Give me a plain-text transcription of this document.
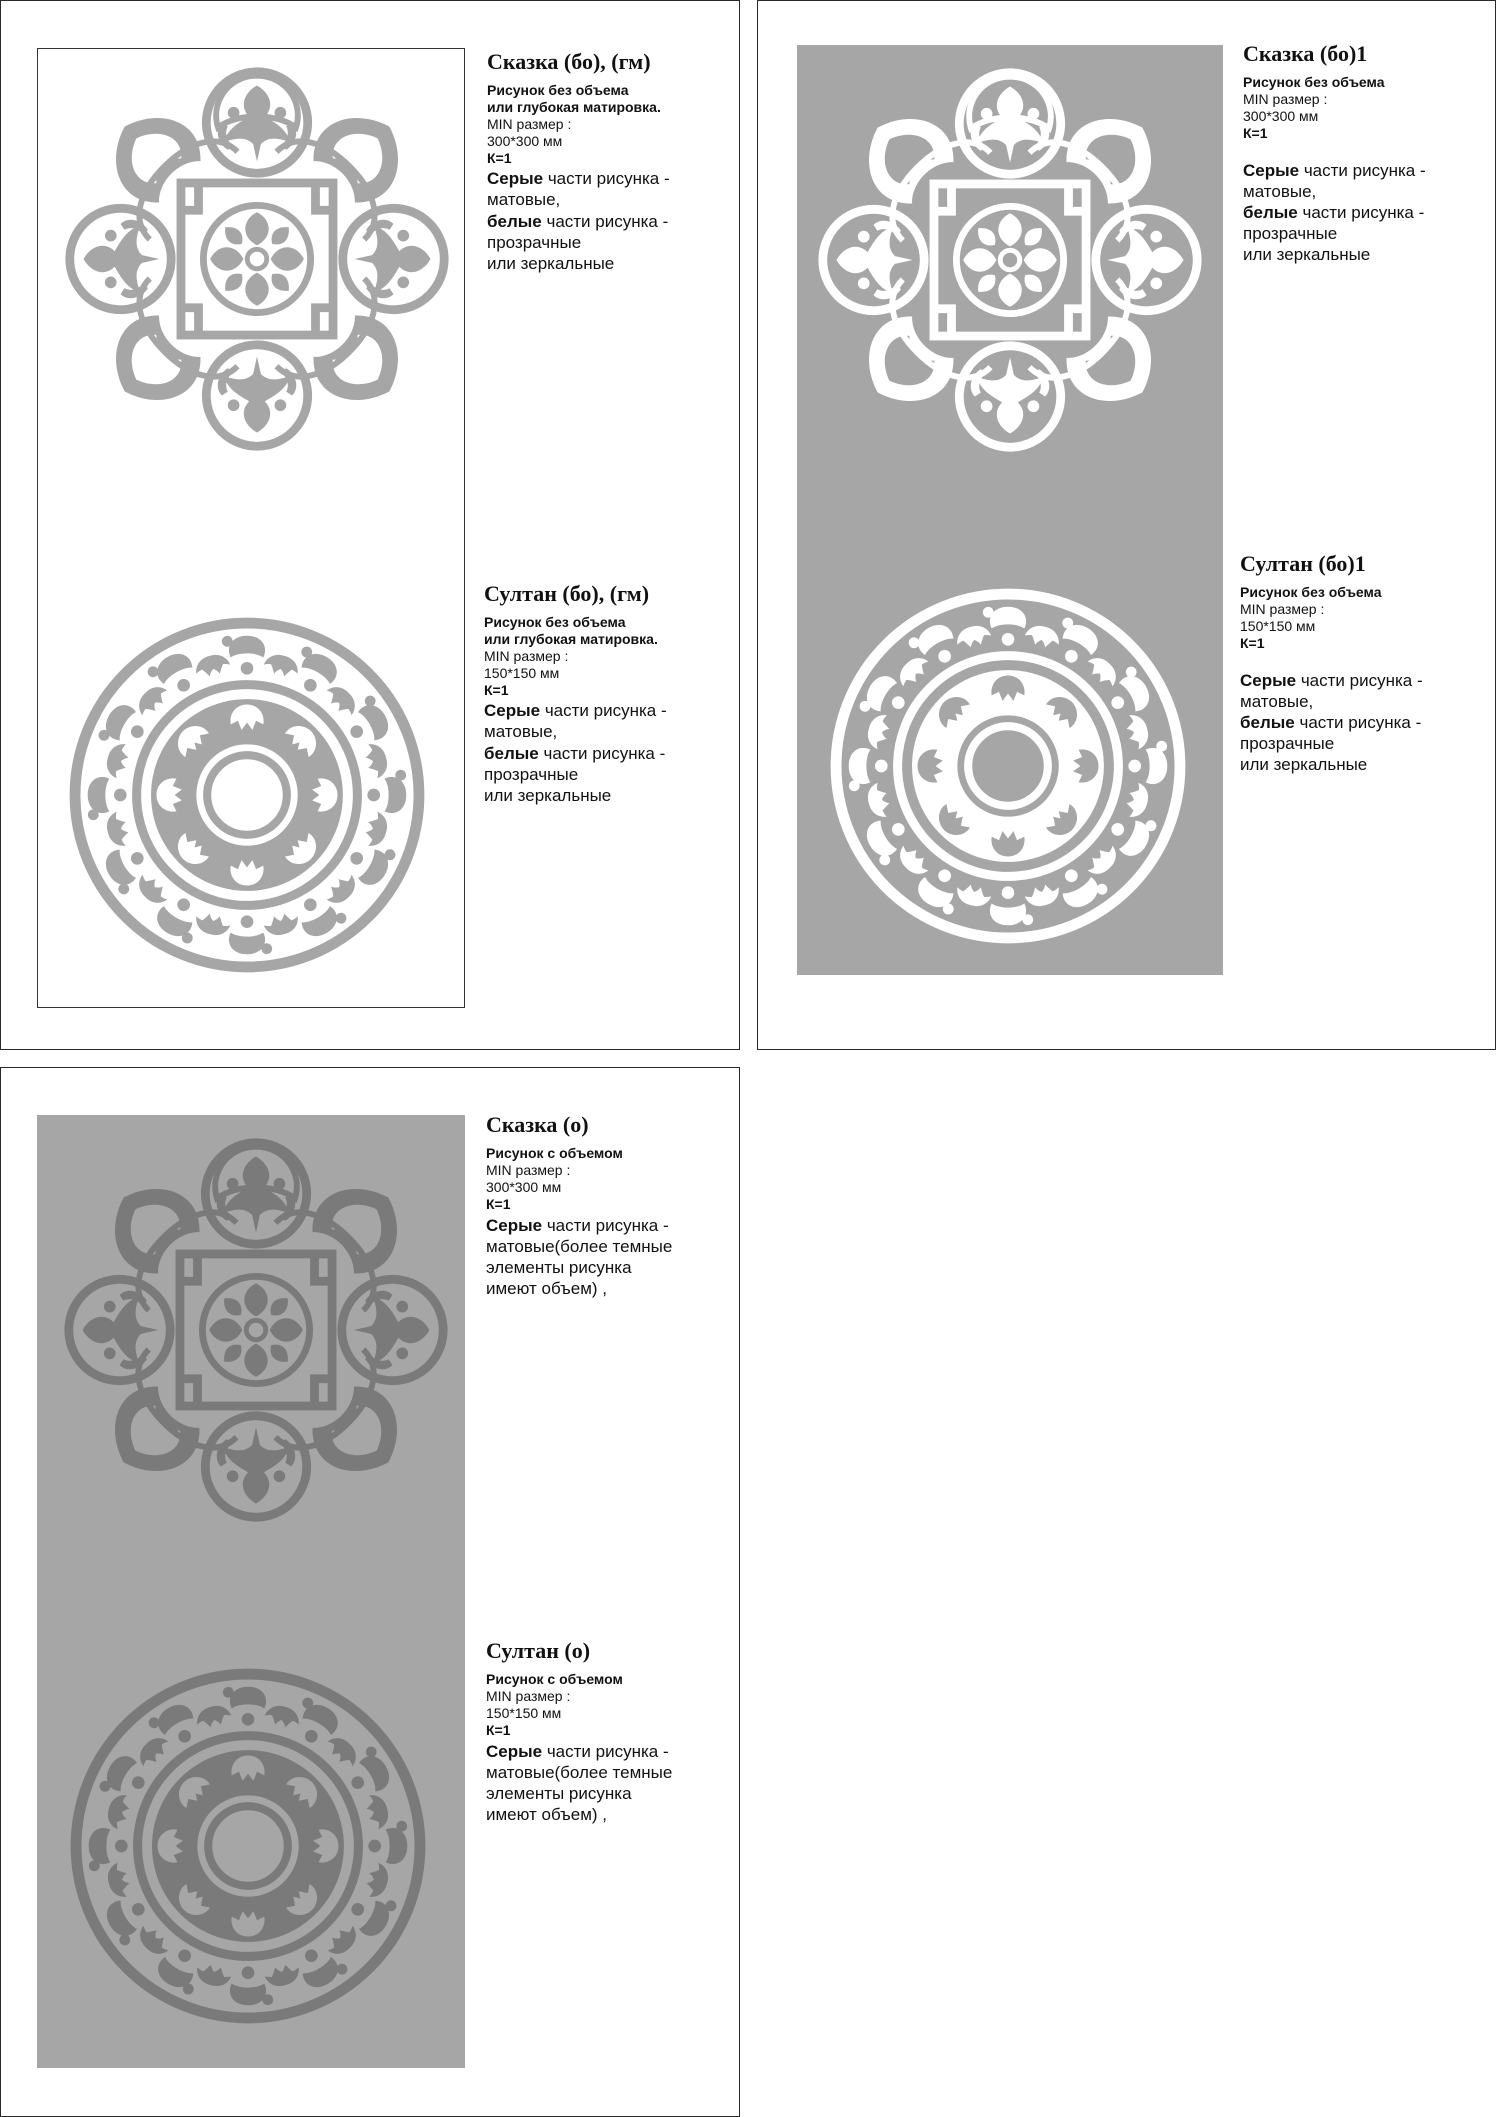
Сказка (бо), (гм)
Рисунок без объема
или глубокая матировка.
MIN размер :
300*300 мм
К=1
Серые части рисунка -
матовые,
белые части рисунка -
прозрачные
или зеркальные
Султан (бо), (гм)
Рисунок без объема
или глубокая матировка.
MIN размер :
150*150 мм
К=1
Серые части рисунка -
матовые,
белые части рисунка -
прозрачные
или зеркальные
Сказка (бо)1
Рисунок без объема
MIN размер :
300*300 мм
К=1
Серые части рисунка -
матовые,
белые части рисунка -
прозрачные
или зеркальные
Султан (бо)1
Рисунок без объема
MIN размер :
150*150 мм
К=1
Серые части рисунка -
матовые,
белые части рисунка -
прозрачные
или зеркальные
Сказка (о)
Рисунок с объемом
MIN размер :
300*300 мм
К=1
Серые части рисунка -
матовые(более темные
элементы рисунка
имеют объем) ,
Султан (о)
Рисунок с объемом
MIN размер :
150*150 мм
К=1
Серые части рисунка -
матовые(более темные
элементы рисунка
имеют объем) ,
